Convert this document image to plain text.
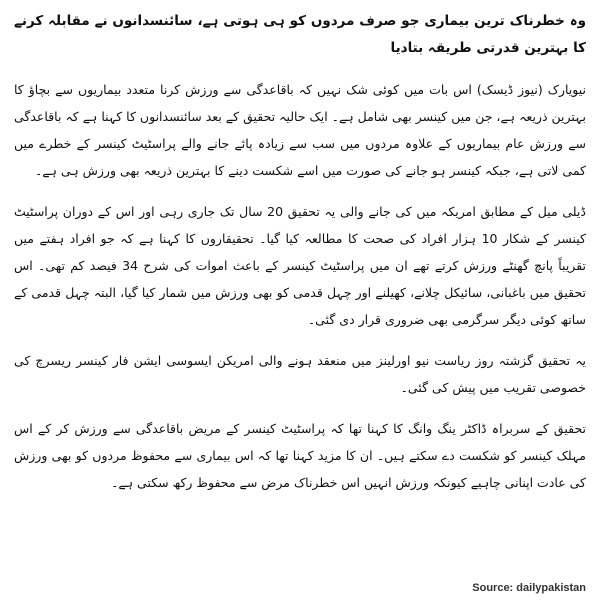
وہ خطرناک ترین بیماری جو صرف مردوں کو ہی ہوتی ہے، سائنسدانوں نے مقابلہ کرنے کا بہترین قدرتی طریقہ بتادیا

نیویارک (نیوز ڈیسک) اس بات میں کوئی شک نہیں کہ باقاعدگی سے ورزش کرنا متعدد بیماریوں سے بچاؤ کا بہترین ذریعہ ہے، جن میں کینسر بھی شامل ہے۔ ایک حالیہ تحقیق کے بعد سائنسدانوں کا کہنا ہے کہ باقاعدگی سے ورزش عام بیماریوں کے علاوہ مردوں میں سب سے زیادہ پائے جانے والے پراسٹیٹ کینسر کے خطرے میں کمی لاتی ہے، جبکہ کینسر ہو جانے کی صورت میں اسے شکست دینے کا بہترین ذریعہ بھی ورزش ہی ہے۔

ڈیلی میل کے مطابق امریکہ میں کی جانے والی یہ تحقیق 20 سال تک جاری رہی اور اس کے دوران پراسٹیٹ کینسر کے شکار 10 ہزار افراد کی صحت کا مطالعہ کیا گیا۔ تحقیقاروں کا کہنا ہے کہ جو افراد ہفتے میں تقریباً پانچ گھنٹے ورزش کرتے تھے ان میں پراسٹیٹ کینسر کے باعث اموات کی شرح 34 فیصد کم تھی۔ اس تحقیق میں باغبانی، سائیکل چلانے، کھیلنے اور چہل قدمی کو بھی ورزش میں شمار کیا گیا، البتہ چہل قدمی کے ساتھ کوئی دیگر سرگرمی بھی ضروری قرار دی گئی۔

یہ تحقیق گزشتہ روز ریاست نیو اورلینز میں منعقد ہونے والی امریکن ایسوسی ایشن فار کینسر ریسرچ کی خصوصی تقریب میں پیش کی گئی۔

تحقیق کے سربراہ ڈاکٹر ینگ وانگ کا کہنا تھا کہ پراسٹیٹ کینسر کے مریض باقاعدگی سے ورزش کر کے اس مہلک کینسر کو شکست دے سکتے ہیں۔ ان کا مزید کہنا تھا کہ اس بیماری سے محفوظ مردوں کو بھی ورزش کی عادت اپنانی چاہیے کیونکہ ورزش انہیں اس خطرناک مرض سے محفوظ رکھ سکتی ہے۔

Source: dailypakistan
